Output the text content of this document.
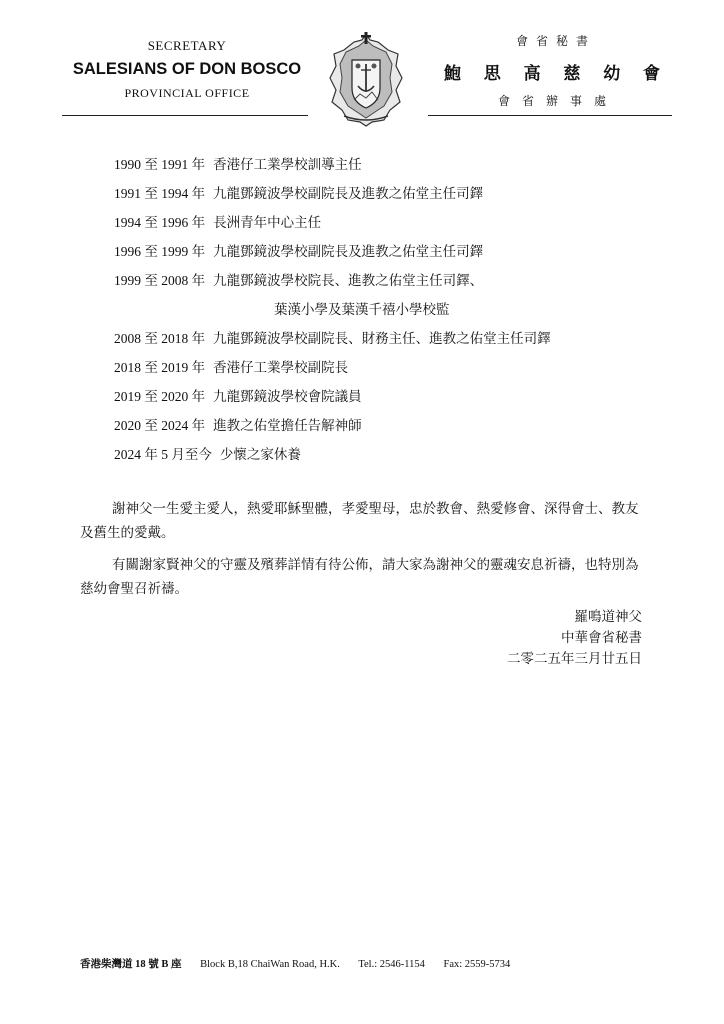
SECRETARY
SALESIANS OF DON BOSCO
PROVINCIAL OFFICE
會省秘書
鮑 思 高 慈 幼 會
會省辦事處
1990 至 1991 年 香港仔工業學校訓導主任
1991 至 1994 年 九龍鄧鏡波學校副院長及進教之佑堂主任司鐸
1994 至 1996 年 長洲青年中心主任
1996 至 1999 年 九龍鄧鏡波學校副院長及進教之佑堂主任司鐸
1999 至 2008 年 九龍鄧鏡波學校院長、進教之佑堂主任司鐸、
葉漢小學及葉漢千禧小學校監
2008 至 2018 年 九龍鄧鏡波學校副院長、財務主任、進教之佑堂主任司鐸
2018 至 2019 年 香港仔工業學校副院長
2019 至 2020 年 九龍鄧鏡波學校會院議員
2020 至 2024 年 進教之佑堂擔任告解神師
2024 年 5 月至今 少懷之家休養
謝神父一生愛主愛人，熱愛耶穌聖體，孝愛聖母，忠於教會、熱愛修會、深得會士、教友及舊生的愛戴。
有關謝家賢神父的守靈及殯葬詳情有待公佈，請大家為謝神父的靈魂安息祈禱，也特別為慈幼會聖召祈禱。
羅鳴道神父
中華會省秘書
二零二五年三月廿五日
香港柴灣道 18 號 B 座 Block B,18 ChaiWan Road, H.K. Tel.: 2546-1154 Fax: 2559-5734
